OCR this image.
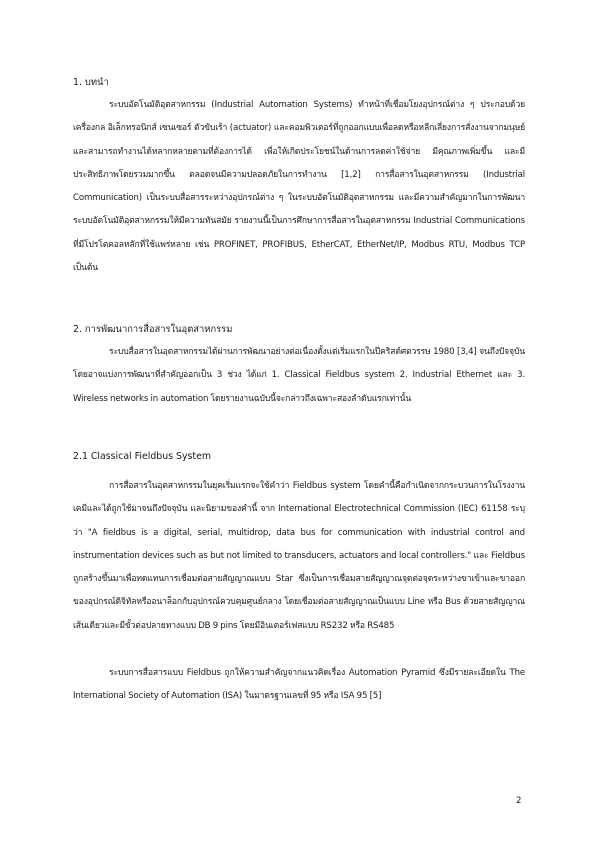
1. บทนำ
ระบบอัตโนมัติอุตสาหกรรม (Industrial Automation Systems) ทำหน้าที่เชื่อมโยงอุปกรณ์ต่าง ๆ ประกอบด้วย เครื่องกล อิเล็กทรอนิกส์ เซนเซอร์ ตัวขับเร้า (actuator) และคอมพิวเตอร์ที่ถูกออกแบบเพื่อลดหรือหลีกเลี่ยงการสั่งงานจากมนุษย์ และสามารถทำงานได้หลากหลายตามที่ต้องการได้ เพื่อให้เกิดประโยชน์ในด้านการลดค่าใช้จ่าย มีคุณภาพเพิ่มขึ้น และมีประสิทธิภาพโดยรวมมากขึ้น ตลอดจนมีความปลอดภัยในการทำงาน [1,2] การสื่อสารในอุตสาหกรรม (Industrial Communication) เป็นระบบสื่อสารระหว่างอุปกรณ์ต่าง ๆ ในระบบอัตโนมัติอุตสาหกรรม และมีความสำคัญมากในการพัฒนาระบบอัตโนมัติอุตสาหกรรมให้มีความทันสมัย รายงานนี้เป็นการศึกษาการสื่อสารในอุตสาหกรรม Industrial Communications ที่มีโปรโตคอลหลักที่ใช้แพร่หลาย เช่น PROFINET, PROFIBUS, EtherCAT, EtherNet/IP, Modbus RTU, Modbus TCP เป็นต้น
2. การพัฒนาการสื่อสารในอุตสาหกรรม
ระบบสื่อสารในอุตสาหกรรมได้ผ่านการพัฒนาอย่างต่อเนื่องตั้งแต่เริ่มแรกในปีคริสต์ศตวรรษ 1980 [3,4] จนถึงปัจจุบัน โดยอาจแบ่งการพัฒนาที่สำคัญออกเป็น 3 ช่วง ได้แก่ 1. Classical Fieldbus system 2. Industrial Ethernet และ 3. Wireless networks in automation โดยรายงานฉบับนี้จะกล่าวถึงเฉพาะสองลำดับแรกเท่านั้น
2.1 Classical Fieldbus System
การสื่อสารในอุตสาหกรรมในยุคเริ่มแรกจะใช้คำว่า Fieldbus system โดยคำนี้คือกำเนิดจากกระบวนการในโรงงานเคมีและได้ถูกใช้มาจนถึงปัจจุบัน และนิยามของคำนี้ จาก International Electrotechnical Commission (IEC) 61158 ระบุว่า "A fieldbus is a digital, serial, multidrop, data bus for communication with industrial control and instrumentation devices such as but not limited to transducers, actuators and local controllers." และ Fieldbus ถูกสร้างขึ้นมาเพื่อทดแทนการเชื่อมต่อสายสัญญาณแบบ Star ซึ่งเป็นการเชื่อมสายสัญญาณจุดต่อจุดระหว่างขาเข้าและขาออกของอุปกรณ์ดิจิทัลหรืออนาล็อกกับอุปกรณ์ควบคุมศูนย์กลาง โดยเชื่อมต่อสายสัญญาณเป็นแบบ Line หรือ Bus ด้วยสายสัญญาณเส้นเดียวและมีขั้วต่อปลายทางแบบ DB 9 pins โดยมีอินเตอร์เฟสแบบ RS232 หรือ RS485
ระบบการสื่อสารแบบ Fieldbus ถูกให้ความสำคัญจากแนวคิดเรื่อง Automation Pyramid ซึ่งมีรายละเอียดใน The International Society of Automation (ISA) ในมาตรฐานเลขที่ 95 หรือ ISA 95 [5]
2
